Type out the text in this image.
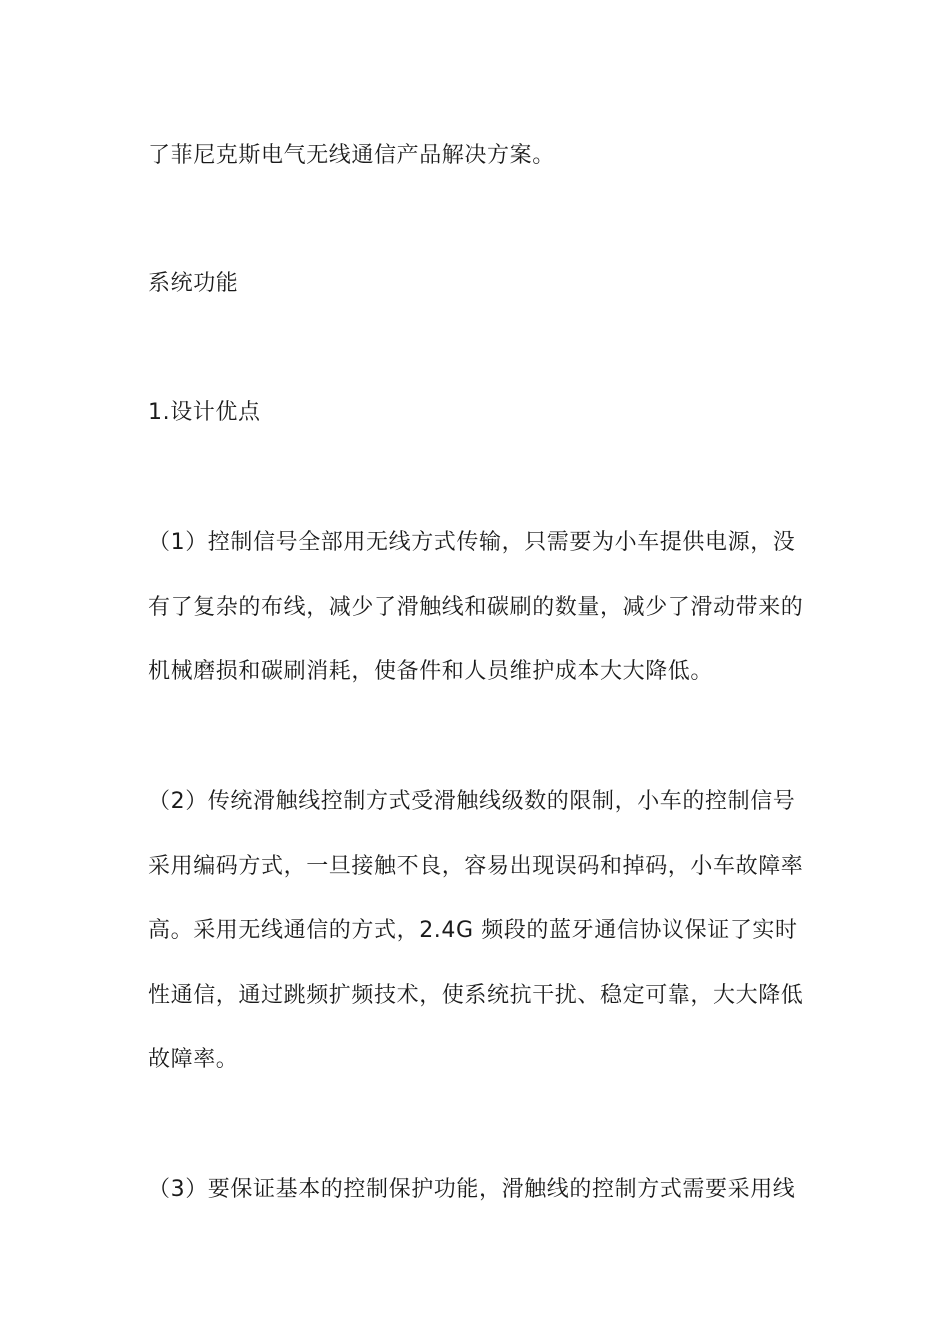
了菲尼克斯电气无线通信产品解决方案。
系统功能
1.设计优点
（1）控制信号全部用无线方式传输，只需要为小车提供电源，没
有了复杂的布线，减少了滑触线和碳刷的数量，减少了滑动带来的
机械磨损和碳刷消耗，使备件和人员维护成本大大降低。
（2）传统滑触线控制方式受滑触线级数的限制，小车的控制信号
采用编码方式，一旦接触不良，容易出现误码和掉码，小车故障率
高。采用无线通信的方式，2.4G 频段的蓝牙通信协议保证了实时
性通信，通过跳频扩频技术，使系统抗干扰、稳定可靠，大大降低
故障率。
（3）要保证基本的控制保护功能，滑触线的控制方式需要采用线
